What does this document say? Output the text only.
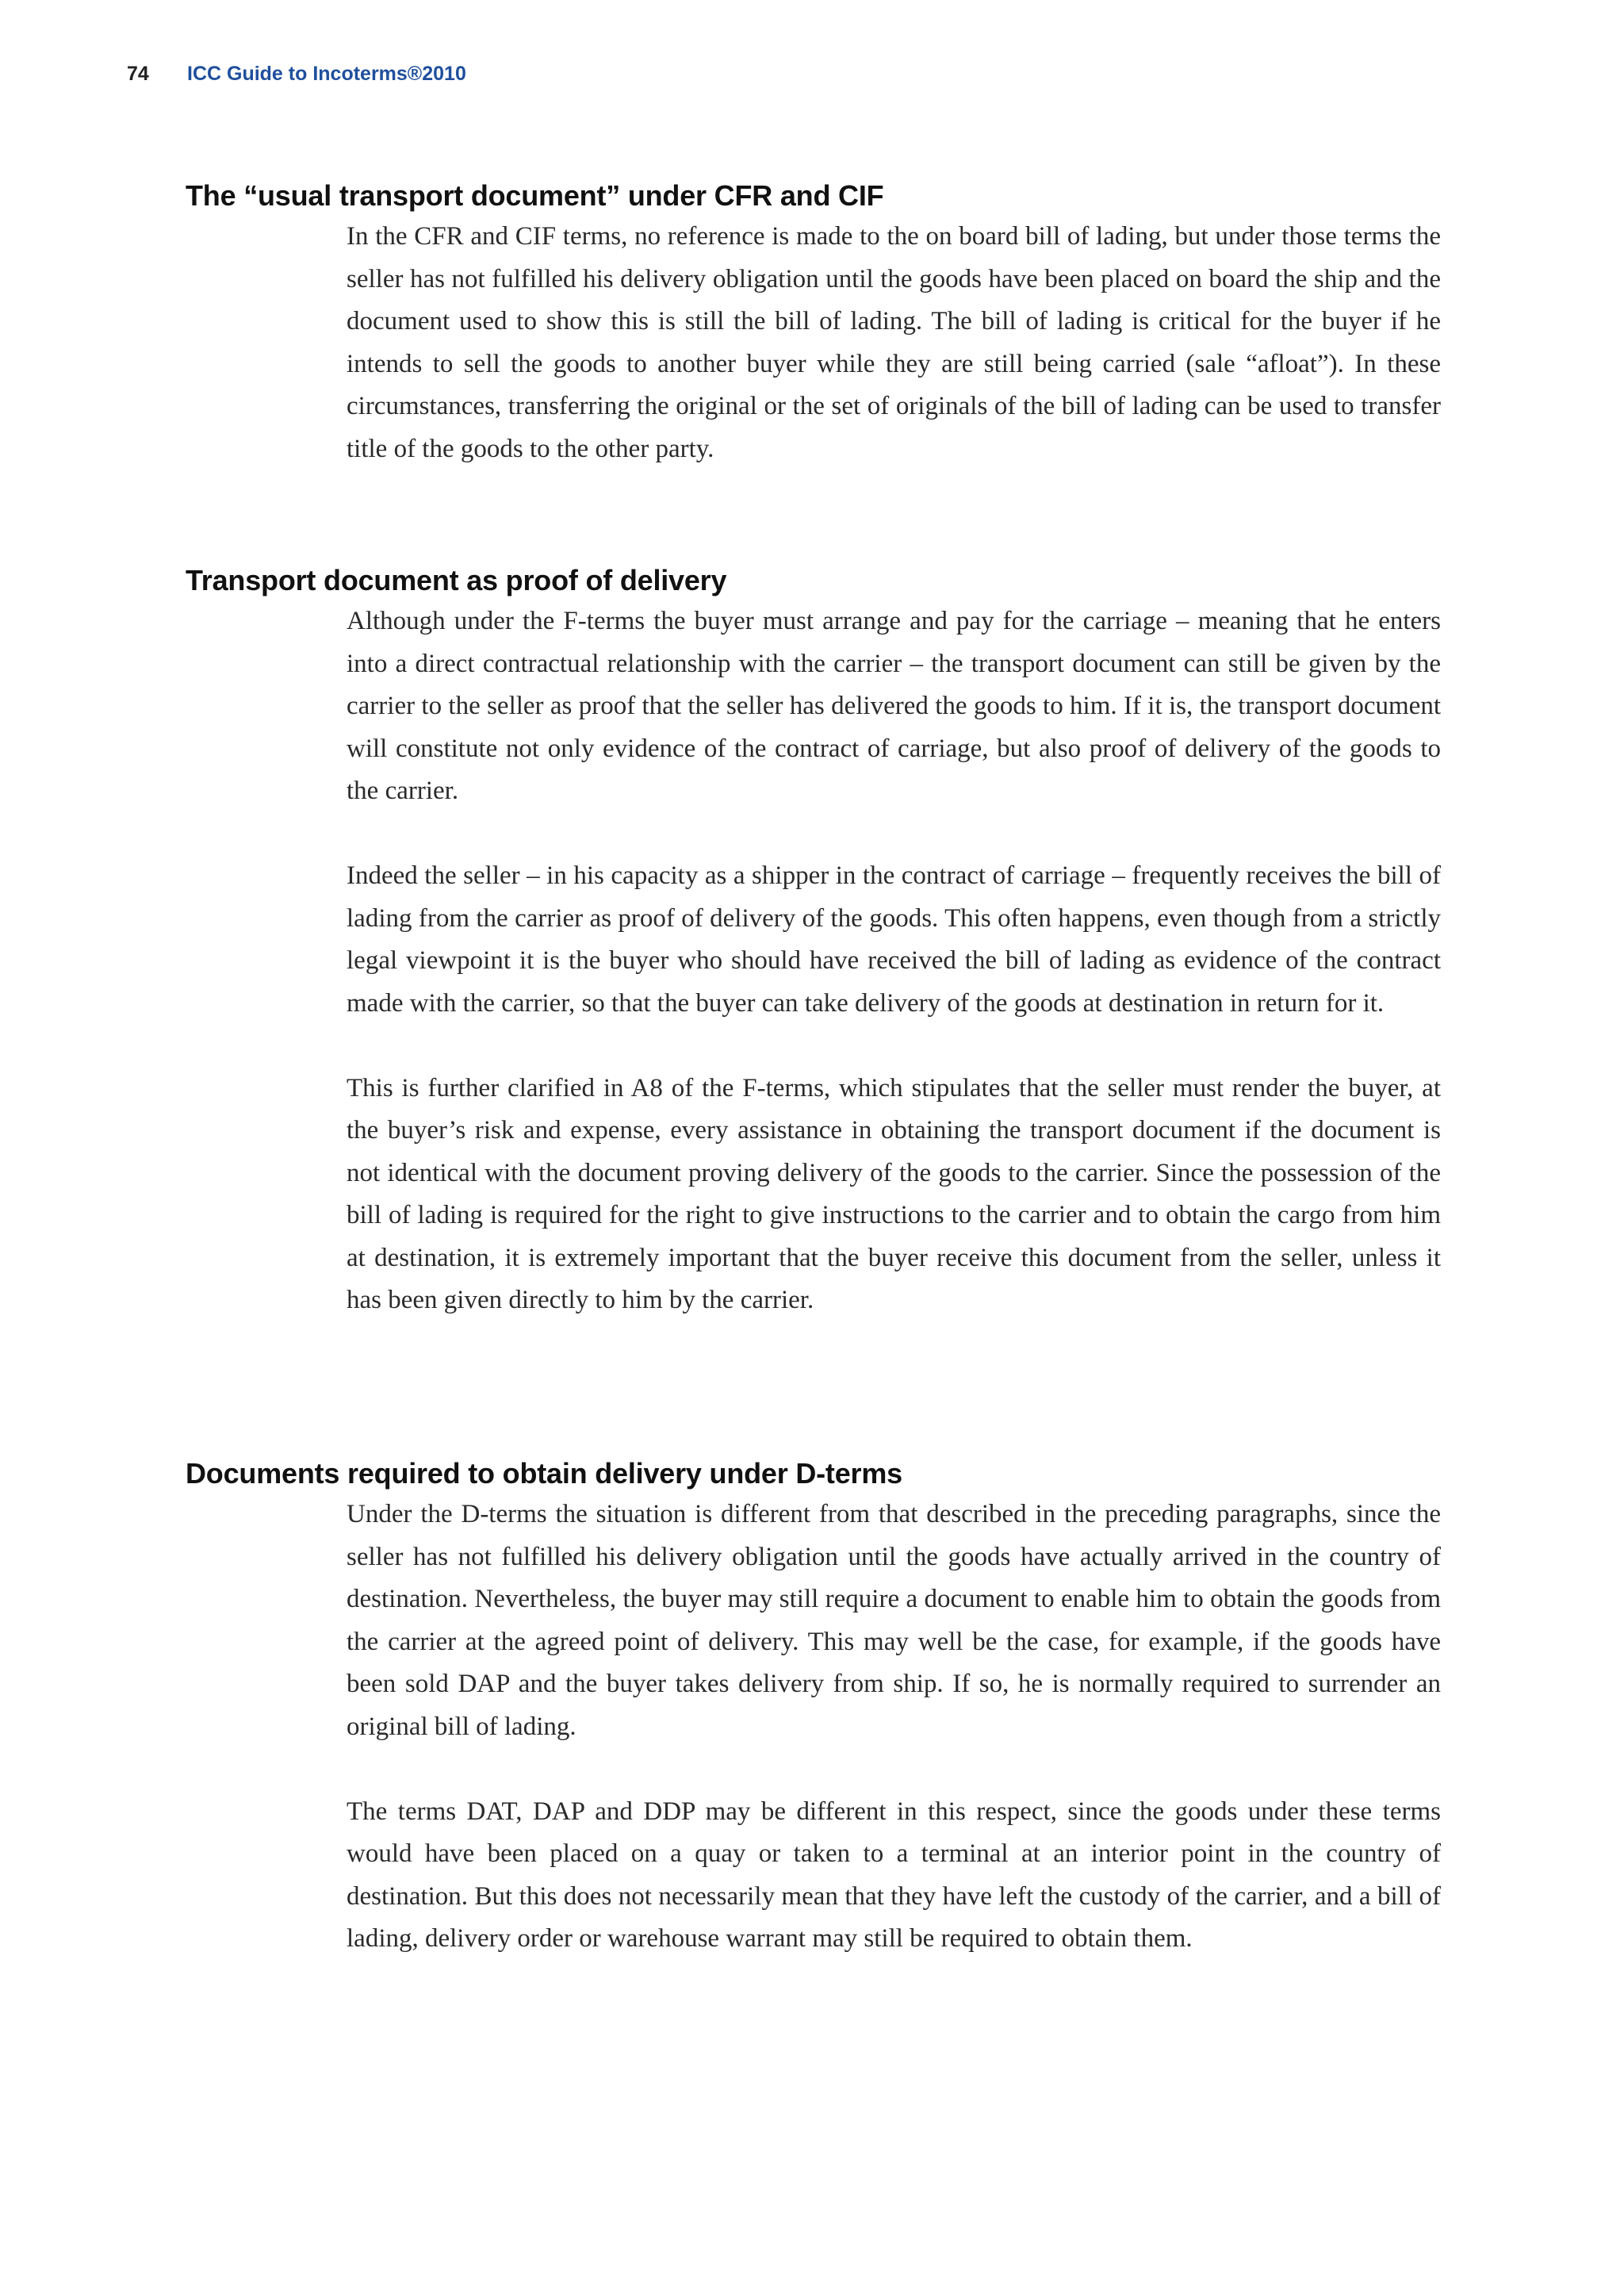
74 ICC Guide to Incoterms®2010
The “usual transport document” under CFR and CIF

In the CFR and CIF terms, no reference is made to the on board bill of lading, but under those terms the seller has not fulfilled his delivery obligation until the goods have been placed on board the ship and the document used to show this is still the bill of lading. The bill of lading is critical for the buyer if he intends to sell the goods to another buyer while they are still being carried (sale “afloat”). In these circumstances, transferring the original or the set of originals of the bill of lading can be used to transfer title of the goods to the other party.

Transport document as proof of delivery

Although under the F-terms the buyer must arrange and pay for the carriage – meaning that he enters into a direct contractual relationship with the carrier – the transport document can still be given by the carrier to the seller as proof that the seller has delivered the goods to him. If it is, the transport document will constitute not only evidence of the contract of carriage, but also proof of delivery of the goods to the carrier.

Indeed the seller – in his capacity as a shipper in the contract of carriage – frequently receives the bill of lading from the carrier as proof of delivery of the goods. This often happens, even though from a strictly legal viewpoint it is the buyer who should have received the bill of lading as evidence of the contract made with the carrier, so that the buyer can take delivery of the goods at destination in return for it.

This is further clarified in A8 of the F-terms, which stipulates that the seller must render the buyer, at the buyer’s risk and expense, every assistance in obtaining the transport document if the document is not identical with the document proving delivery of the goods to the carrier. Since the possession of the bill of lading is required for the right to give instructions to the carrier and to obtain the cargo from him at destination, it is extremely important that the buyer receive this document from the seller, unless it has been given directly to him by the carrier.

Documents required to obtain delivery under D-terms

Under the D-terms the situation is different from that described in the preceding paragraphs, since the seller has not fulfilled his delivery obligation until the goods have actually arrived in the country of destination. Nevertheless, the buyer may still require a document to enable him to obtain the goods from the carrier at the agreed point of delivery. This may well be the case, for example, if the goods have been sold DAP and the buyer takes delivery from ship. If so, he is normally required to surrender an original bill of lading.

The terms DAT, DAP and DDP may be different in this respect, since the goods under these terms would have been placed on a quay or taken to a terminal at an interior point in the country of destination. But this does not necessarily mean that they have left the custody of the carrier, and a bill of lading, delivery order or warehouse warrant may still be required to obtain them.
